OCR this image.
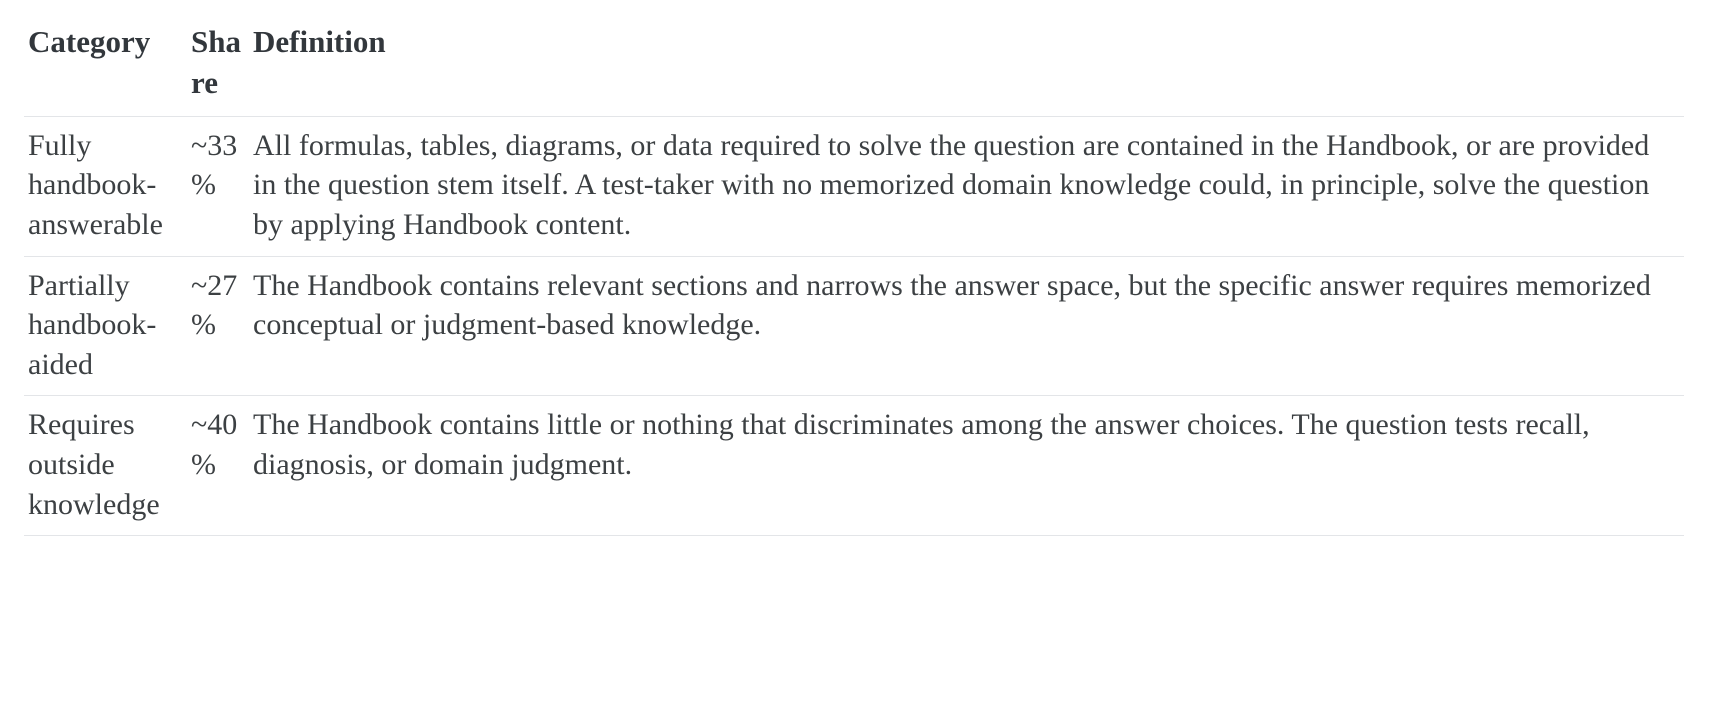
Category	Share	Definition
Fully handbook-answerable	~33%	All formulas, tables, diagrams, or data required to solve the question are contained in the Handbook, or are provided in the question stem itself. A test-taker with no memorized domain knowledge could, in principle, solve the question by applying Handbook content.
Partially handbook-aided	~27%	The Handbook contains relevant sections and narrows the answer space, but the specific answer requires memorized conceptual or judgment-based knowledge.
Requires outside knowledge	~40%	The Handbook contains little or nothing that discriminates among the answer choices. The question tests recall, diagnosis, or domain judgment.
